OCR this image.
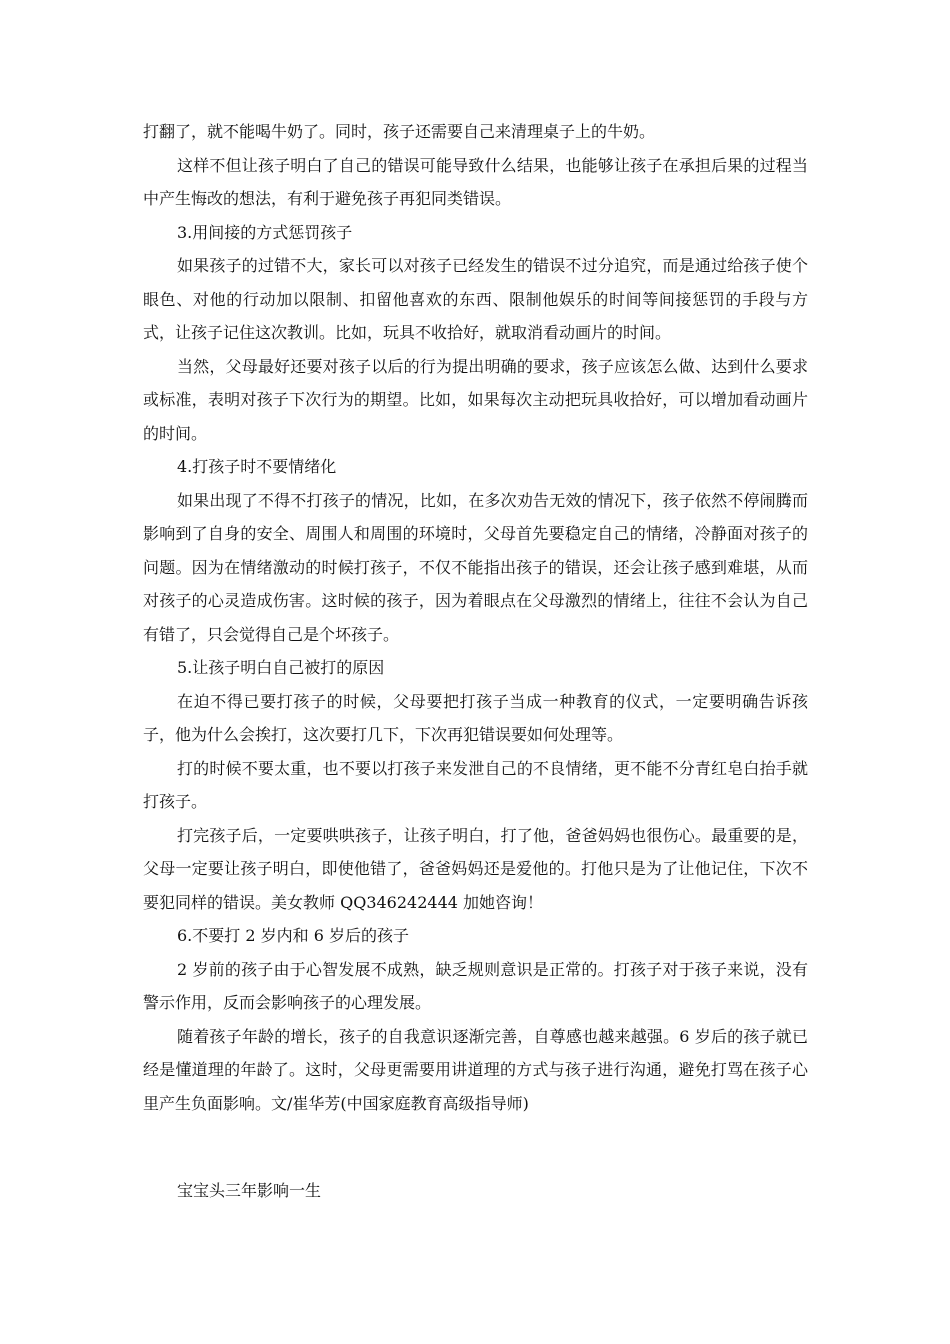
打翻了，就不能喝牛奶了。同时，孩子还需要自己来清理桌子上的牛奶。

这样不但让孩子明白了自己的错误可能导致什么结果，也能够让孩子在承担后果的过程当中产生悔改的想法，有利于避免孩子再犯同类错误。

3.用间接的方式惩罚孩子

如果孩子的过错不大，家长可以对孩子已经发生的错误不过分追究，而是通过给孩子使个眼色、对他的行动加以限制、扣留他喜欢的东西、限制他娱乐的时间等间接惩罚的手段与方式，让孩子记住这次教训。比如，玩具不收拾好，就取消看动画片的时间。

当然，父母最好还要对孩子以后的行为提出明确的要求，孩子应该怎么做、达到什么要求或标准，表明对孩子下次行为的期望。比如，如果每次主动把玩具收拾好，可以增加看动画片的时间。

4.打孩子时不要情绪化

如果出现了不得不打孩子的情况，比如，在多次劝告无效的情况下，孩子依然不停闹腾而影响到了自身的安全、周围人和周围的环境时，父母首先要稳定自己的情绪，冷静面对孩子的问题。因为在情绪激动的时候打孩子，不仅不能指出孩子的错误，还会让孩子感到难堪，从而对孩子的心灵造成伤害。这时候的孩子，因为着眼点在父母激烈的情绪上，往往不会认为自己有错了，只会觉得自己是个坏孩子。

5.让孩子明白自己被打的原因

在迫不得已要打孩子的时候，父母要把打孩子当成一种教育的仪式，一定要明确告诉孩子，他为什么会挨打，这次要打几下，下次再犯错误要如何处理等。

打的时候不要太重，也不要以打孩子来发泄自己的不良情绪，更不能不分青红皂白抬手就打孩子。

打完孩子后，一定要哄哄孩子，让孩子明白，打了他，爸爸妈妈也很伤心。最重要的是，父母一定要让孩子明白，即使他错了，爸爸妈妈还是爱他的。打他只是为了让他记住，下次不要犯同样的错误。美女教师 QQ346242444 加她咨询！

6.不要打 2 岁内和 6 岁后的孩子

2 岁前的孩子由于心智发展不成熟，缺乏规则意识是正常的。打孩子对于孩子来说，没有警示作用，反而会影响孩子的心理发展。

随着孩子年龄的增长，孩子的自我意识逐渐完善，自尊感也越来越强。6 岁后的孩子就已经是懂道理的年龄了。这时，父母更需要用讲道理的方式与孩子进行沟通，避免打骂在孩子心里产生负面影响。文/崔华芳(中国家庭教育高级指导师)

宝宝头三年影响一生
